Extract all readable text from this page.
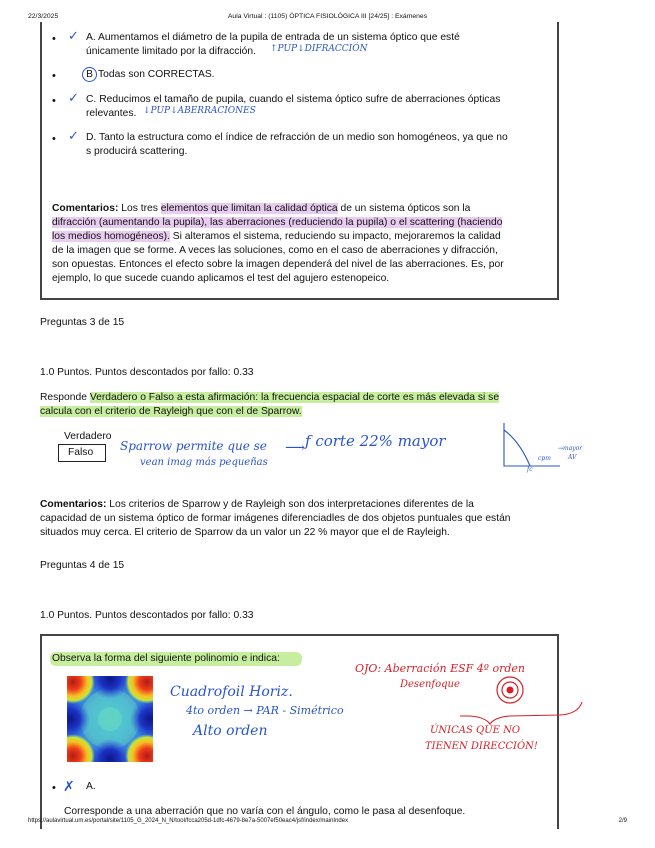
22/3/2025	Aula Virtual : (1105) ÓPTICA FISIOLÓGICA III [24/25] : Exámenes
• ✓ A. Aumentamos el diámetro de la pupila de entrada de un sistema óptico que esté
únicamente limitado por la difracción. ↑PUP↓DIFRACCIÓN
•	B Todas son CORRECTAS.
• ✓ C. Reducimos el tamaño de pupila, cuando el sistema óptico sufre de aberraciones ópticas
relevantes. ↓PUP↓ABERRACIONES
• ✓ D. Tanto la estructura como el índice de refracción de un medio son homogéneos, ya que no
s producirá scattering.
Comentarios: Los tres elementos que limitan la calidad óptica de un sistema ópticos son la
difracción (aumentando la pupila), las aberraciones (reduciendo la pupila) o el scattering (haciendo
los medios homogéneos). Si alteramos el sistema, reduciendo su impacto, mejoraremos la calidad
de la imagen que se forme. A veces las soluciones, como en el caso de aberraciones y difracción,
son opuestas. Entonces el efecto sobre la imagen dependerá del nivel de las aberraciones. Es, por
ejemplo, lo que sucede cuando aplicamos el test del agujero estenopeico.
Preguntas 3 de 15
1.0 Puntos. Puntos descontados por fallo: 0.33
Responde Verdadero o Falso a esta afirmación: la frecuencia espacial de corte es más elevada si se
calcula con el criterio de Rayleigh que con el de Sparrow.
Verdadero
Falso	Sparrow permite que se
vean imag más pequeñas
⟶ f corte 22% mayor
fc
cpm
→mayor
AV
Comentarios: Los criterios de Sparrow y de Rayleigh son dos interpretaciones diferentes de la
capacidad de un sistema óptico de formar imágenes diferenciadles de dos objetos puntuales que están
situados muy cerca. El criterio de Sparrow da un valor un 22 % mayor que el de Rayleigh.
Preguntas 4 de 15
1.0 Puntos. Puntos descontados por fallo: 0.33
Observa la forma del siguiente polinomio e indica:
Cuadrofoil Horiz.
4to orden → PAR - Simétrico
Alto orden
OJO: Aberración ESF 4º orden
Desenfoque
ÚNICAS QUE NO
TIENEN DIRECCIÓN!
• ✗ A.
Corresponde a una aberración que no varía con el ángulo, como le pasa al desenfoque.
https://aulavirtual.um.es/portal/site/1105_G_2024_N_N/tool/fcca205d-1dfc-4679-8e7a-5007ef50eac4/jsf/index/mainIndex	2/9
